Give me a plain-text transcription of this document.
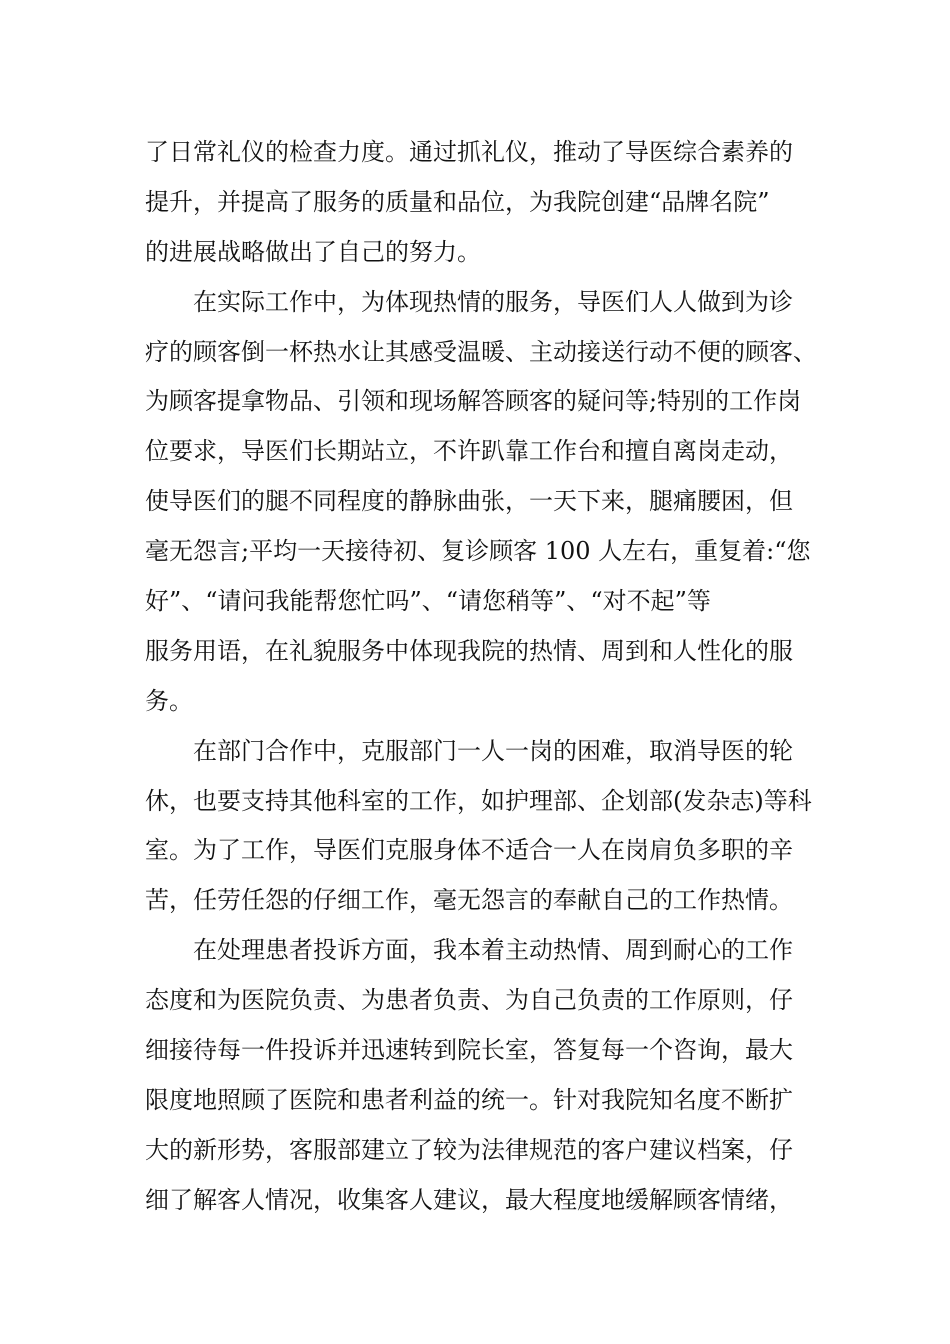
了日常礼仪的检查力度。通过抓礼仪，推动了导医综合素养的
提升，并提高了服务的质量和品位，为我院创建“品牌名院”
的进展战略做出了自己的努力。
在实际工作中，为体现热情的服务，导医们人人做到为诊
疗的顾客倒一杯热水让其感受温暖、主动接送行动不便的顾客、
为顾客提拿物品、引领和现场解答顾客的疑问等;特别的工作岗
位要求，导医们长期站立，不许趴靠工作台和擅自离岗走动，
使导医们的腿不同程度的静脉曲张，一天下来，腿痛腰困，但
毫无怨言;平均一天接待初、复诊顾客 100 人左右，重复着:“您
好”、“请问我能帮您忙吗”、“请您稍等”、“对不起”等
服务用语，在礼貌服务中体现我院的热情、周到和人性化的服
务。
在部门合作中，克服部门一人一岗的困难，取消导医的轮
休，也要支持其他科室的工作，如护理部、企划部(发杂志)等科
室。为了工作，导医们克服身体不适合一人在岗肩负多职的辛
苦，任劳任怨的仔细工作，毫无怨言的奉献自己的工作热情。
在处理患者投诉方面，我本着主动热情、周到耐心的工作
态度和为医院负责、为患者负责、为自己负责的工作原则，仔
细接待每一件投诉并迅速转到院长室，答复每一个咨询，最大
限度地照顾了医院和患者利益的统一。针对我院知名度不断扩
大的新形势，客服部建立了较为法律规范的客户建议档案，仔
细了解客人情况，收集客人建议，最大程度地缓解顾客情绪，
